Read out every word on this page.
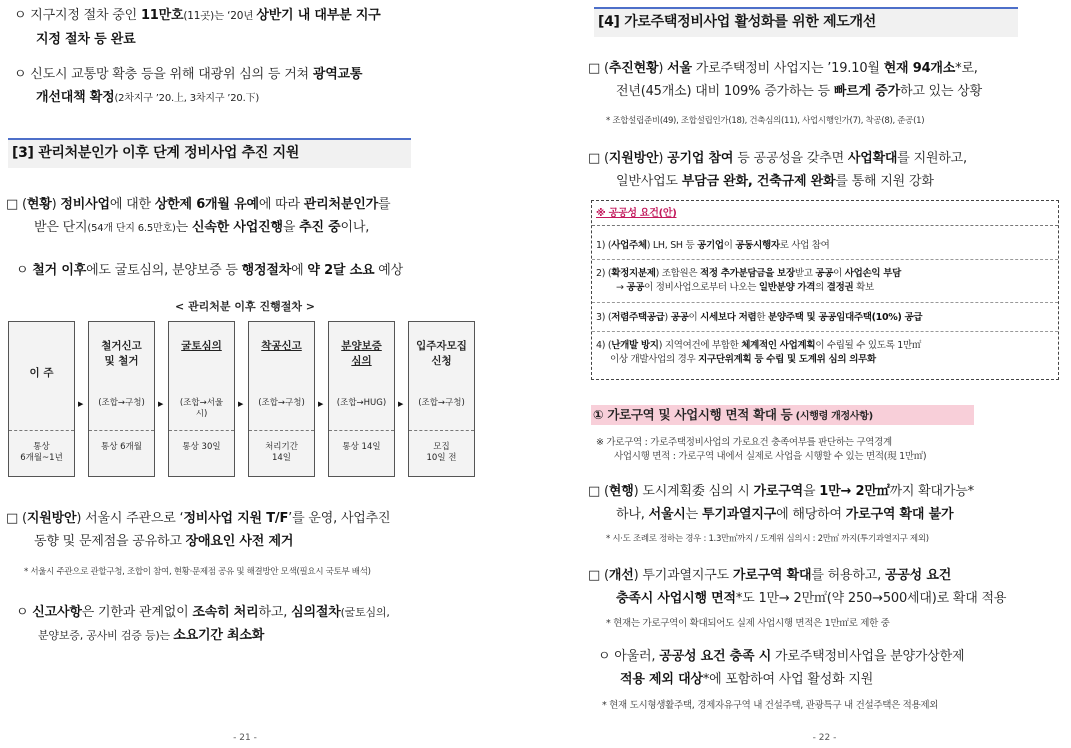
ㅇ 지구지정 절차 중인 11만호(11곳)는 ‘20년 상반기 내 대부분 지구
지정 절차 등 완료
ㅇ 신도시 교통망 확충 등을 위해 대광위 심의 등 거쳐 광역교통
개선대책 확정(2차지구 ’20.上, 3차지구 ’20.下)
[3] 관리처분인가 이후 단계 정비사업 추진 지원
□ (현황) 정비사업에 대한 상한제 6개월 유예에 따라 관리처분인가를
받은 단지(54개 단지 6.5만호)는 신속한 사업진행을 추진 중이나,
ㅇ 철거 이후에도 굴토심의, 분양보증 등 행정절차에 약 2달 소요 예상
< 관리처분 이후 진행절차 >
이 주
통상
6개월~1년
▶
철거신고
및 철거
(조합→구청)
통상 6개월
▶
굴토심의
(조합→서울
시)
통상 30일
▶
착공신고
(조합→구청)
처리기간
14일
▶
분양보증
심의
(조합→HUG)
통상 14일
▶
입주자모집
신청
(조합→구청)
모집
10일 전
□ (지원방안) 서울시 주관으로 ‘정비사업 지원 T/F’를 운영, 사업추진
동향 및 문제점을 공유하고 장애요인 사전 제거
* 서울시 주관으로 관할구청, 조합이 참여, 현황·문제점 공유 및 해결방안 모색(필요시 국토부 배석)
ㅇ 신고사항은 기한과 관계없이 조속히 처리하고, 심의절차(굴토심의,
분양보증, 공사비 검증 등)는 소요기간 최소화
- 21 -
[4] 가로주택정비사업 활성화를 위한 제도개선
□ (추진현황) 서울 가로주택정비 사업지는 ’19.10월 현재 94개소*로,
전년(45개소) 대비 109% 증가하는 등 빠르게 증가하고 있는 상황
* 조합설립준비(49), 조합설립인가(18), 건축심의(11), 사업시행인가(7), 착공(8), 준공(1)
□ (지원방안) 공기업 참여 등 공공성을 갖추면 사업확대를 지원하고,
일반사업도 부담금 완화, 건축규제 완화를 통해 지원 강화
※ 공공성 요건(안)
1) (사업주체) LH, SH 등 공기업이 공동시행자로 사업 참여
2) (확정지분제) 조합원은 적정 추가분담금을 보장받고 공공이 사업손익 부담
→ 공공이 정비사업으로부터 나오는 일반분양 가격의 결정권 확보
3) (저렴주택공급) 공공이 시세보다 저렴한 분양주택 및 공공임대주택(10%) 공급
4) (난개발 방지) 지역여건에 부합한 체계적인 사업계획이 수립될 수 있도록 1만㎡
이상 개발사업의 경우 지구단위계획 등 수립 및 도계위 심의 의무화
① 가로구역 및 사업시행 면적 확대 등 (시행령 개정사항)
※ 가로구역 : 가로주택정비사업의 가로요건 충족여부를 판단하는 구역경계
사업시행 면적 : 가로구역 내에서 실제로 사업을 시행할 수 있는 면적(現 1만㎡)
□ (현행) 도시계획委 심의 시 가로구역을 1만→ 2만㎡까지 확대가능*
하나, 서울시는 투기과열지구에 해당하여 가로구역 확대 불가
* 시·도 조례로 정하는 경우 : 1.3만㎡까지 / 도계위 심의시 : 2만㎡ 까지(투기과열지구 제외)
□ (개선) 투기과열지구도 가로구역 확대를 허용하고, 공공성 요건
충족시 사업시행 면적*도 1만→ 2만㎡(약 250→500세대)로 확대 적용
* 현재는 가로구역이 확대되어도 실제 사업시행 면적은 1만㎡로 제한 중
ㅇ 아울러, 공공성 요건 충족 시 가로주택정비사업을 분양가상한제
적용 제외 대상*에 포함하여 사업 활성화 지원
* 현재 도시형생활주택, 경제자유구역 내 건설주택, 관광특구 내 건설주택은 적용제외
- 22 -
